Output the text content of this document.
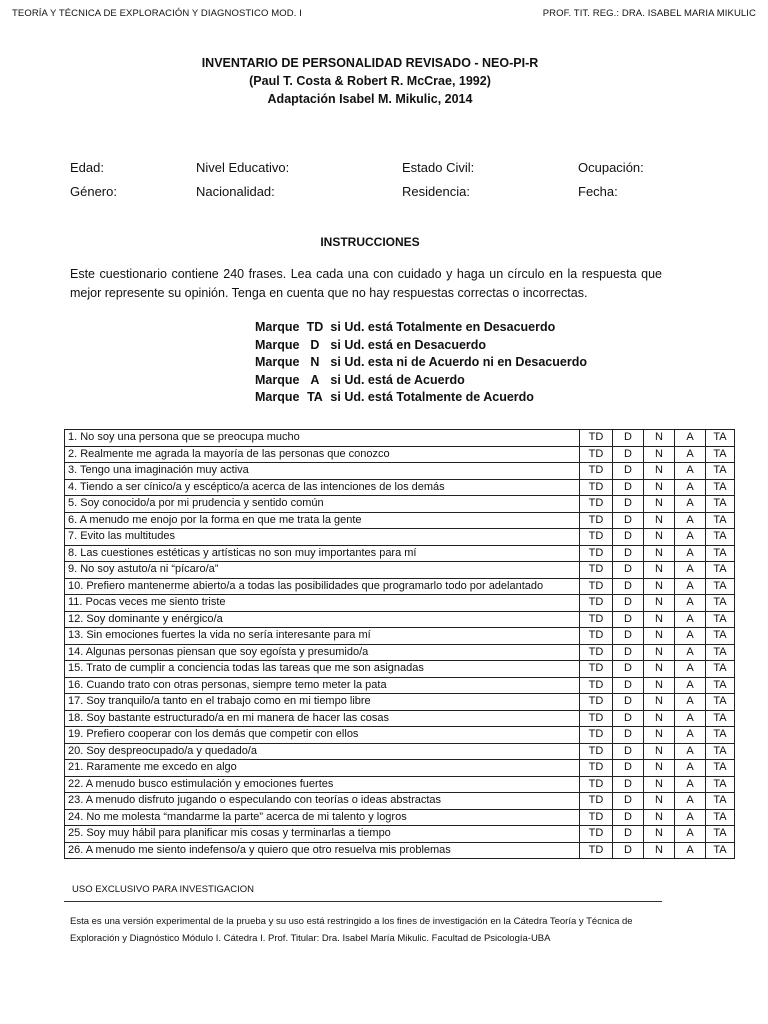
TEORÍA Y TÉCNICA DE EXPLORACIÓN Y DIAGNOSTICO MOD. I	PROF. TIT. REG.: DRA. ISABEL MARIA MIKULIC
INVENTARIO DE PERSONALIDAD REVISADO - NEO-PI-R
(Paul T. Costa & Robert R. McCrae, 1992)
Adaptación Isabel M. Mikulic, 2014
Edad:	Nivel Educativo:	Estado Civil:	Ocupación:
Género:	Nacionalidad:	Residencia:	Fecha:
INSTRUCCIONES
Este cuestionario contiene 240 frases. Lea cada una con cuidado y haga un círculo en la respuesta que mejor represente su opinión. Tenga en cuenta que no hay respuestas correctas o incorrectas.
Marque TD si Ud. está Totalmente en Desacuerdo
Marque D si Ud. está en Desacuerdo
Marque N si Ud. esta ni de Acuerdo ni en Desacuerdo
Marque A si Ud. está de Acuerdo
Marque TA si Ud. está Totalmente de Acuerdo
1. No soy una persona que se preocupa mucho	TD	D	N	A	TA
2. Realmente me agrada la mayoría de las personas que conozco	TD	D	N	A	TA
3. Tengo una imaginación muy activa	TD	D	N	A	TA
4. Tiendo a ser cínico/a y escéptico/a acerca de las intenciones de los demás	TD	D	N	A	TA
5. Soy conocido/a por mi prudencia y sentido común	TD	D	N	A	TA
6. A menudo me enojo por la forma en que me trata la gente	TD	D	N	A	TA
7. Evito las multitudes	TD	D	N	A	TA
8. Las cuestiones estéticas y artísticas no son muy importantes para mí	TD	D	N	A	TA
9. No soy astuto/a ni “pícaro/a”	TD	D	N	A	TA
10. Prefiero mantenerme abierto/a a todas las posibilidades que programarlo todo por adelantado	TD	D	N	A	TA
11. Pocas veces me siento triste	TD	D	N	A	TA
12. Soy dominante y enérgico/a	TD	D	N	A	TA
13. Sin emociones fuertes la vida no sería interesante para mí	TD	D	N	A	TA
14. Algunas personas piensan que soy egoísta y presumido/a	TD	D	N	A	TA
15. Trato de cumplir a conciencia todas las tareas que me son asignadas	TD	D	N	A	TA
16. Cuando trato con otras personas, siempre temo meter la pata	TD	D	N	A	TA
17. Soy tranquilo/a tanto en el trabajo como en mi tiempo libre	TD	D	N	A	TA
18. Soy bastante estructurado/a en mi manera de hacer las cosas	TD	D	N	A	TA
19. Prefiero cooperar con los demás que competir con ellos	TD	D	N	A	TA
20. Soy despreocupado/a y quedado/a	TD	D	N	A	TA
21. Raramente me excedo en algo	TD	D	N	A	TA
22. A menudo busco estimulación y emociones fuertes	TD	D	N	A	TA
23. A menudo disfruto jugando o especulando con teorías o ideas abstractas	TD	D	N	A	TA
24. No me molesta “mandarme la parte” acerca de mi talento y logros	TD	D	N	A	TA
25. Soy muy hábil para planificar mis cosas y terminarlas a tiempo	TD	D	N	A	TA
26. A menudo me siento indefenso/a y quiero que otro resuelva mis problemas	TD	D	N	A	TA
USO EXCLUSIVO PARA INVESTIGACION
Esta es una versión experimental de la prueba y su uso está restringido a los fines de investigación en la Cátedra Teoría y Técnica de Exploración y Diagnóstico Módulo I. Cátedra I. Prof. Titular: Dra. Isabel María Mikulic. Facultad de Psicología-UBA
